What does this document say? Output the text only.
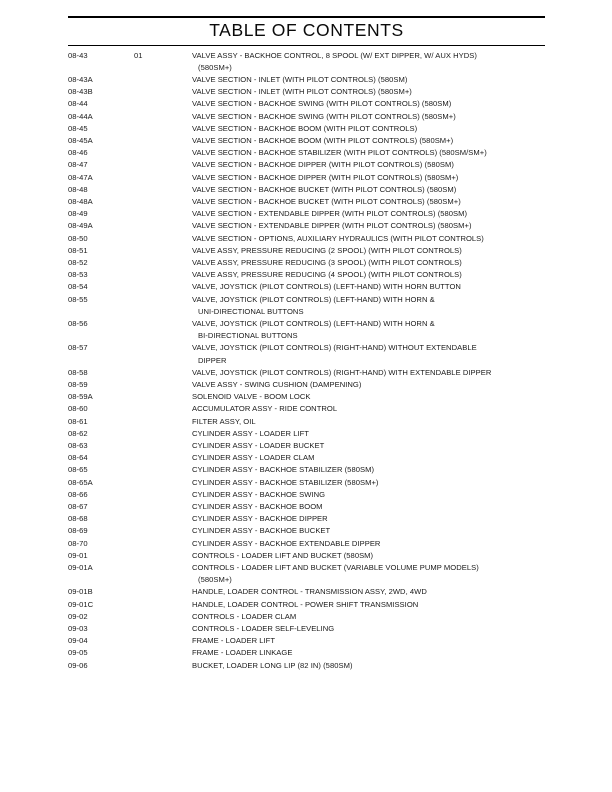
TABLE OF CONTENTS
08-43	01	VALVE ASSY - BACKHOE CONTROL, 8 SPOOL (W/ EXT DIPPER, W/ AUX HYDS)
(580SM+)

08-43A		VALVE SECTION - INLET (WITH PILOT CONTROLS) (580SM)
08-43B		VALVE SECTION - INLET (WITH PILOT CONTROLS) (580SM+)
08-44		VALVE SECTION - BACKHOE SWING (WITH PILOT CONTROLS) (580SM)
08-44A		VALVE SECTION - BACKHOE SWING (WITH PILOT CONTROLS) (580SM+)
08-45		VALVE SECTION - BACKHOE BOOM (WITH PILOT CONTROLS)
08-45A		VALVE SECTION - BACKHOE BOOM (WITH PILOT CONTROLS) (580SM+)
08-46		VALVE SECTION - BACKHOE STABILIZER (WITH PILOT CONTROLS) (580SM/SM+)
08-47		VALVE SECTION - BACKHOE DIPPER (WITH PILOT CONTROLS) (580SM)
08-47A		VALVE SECTION - BACKHOE DIPPER (WITH PILOT CONTROLS) (580SM+)
08-48		VALVE SECTION - BACKHOE BUCKET (WITH PILOT CONTROLS) (580SM)
08-48A		VALVE SECTION - BACKHOE BUCKET (WITH PILOT CONTROLS) (580SM+)
08-49		VALVE SECTION - EXTENDABLE DIPPER (WITH PILOT CONTROLS) (580SM)
08-49A		VALVE SECTION - EXTENDABLE DIPPER (WITH PILOT CONTROLS) (580SM+)
08-50		VALVE SECTION - OPTIONS, AUXILIARY HYDRAULICS (WITH PILOT CONTROLS)
08-51		VALVE ASSY, PRESSURE REDUCING (2 SPOOL) (WITH PILOT CONTROLS)
08-52		VALVE ASSY, PRESSURE REDUCING (3 SPOOL) (WITH PILOT CONTROLS)
08-53		VALVE ASSY, PRESSURE REDUCING (4 SPOOL) (WITH PILOT CONTROLS)
08-54		VALVE, JOYSTICK (PILOT CONTROLS) (LEFT-HAND) WITH HORN BUTTON
08-55		VALVE, JOYSTICK (PILOT CONTROLS) (LEFT-HAND) WITH HORN &
UNI-DIRECTIONAL BUTTONS

08-56		VALVE, JOYSTICK (PILOT CONTROLS) (LEFT-HAND) WITH HORN &
BI-DIRECTIONAL BUTTONS

08-57		VALVE, JOYSTICK (PILOT CONTROLS) (RIGHT-HAND) WITHOUT EXTENDABLE
DIPPER

08-58		VALVE, JOYSTICK (PILOT CONTROLS) (RIGHT-HAND) WITH EXTENDABLE DIPPER
08-59		VALVE ASSY - SWING CUSHION (DAMPENING)
08-59A		SOLENOID VALVE - BOOM LOCK
08-60		ACCUMULATOR ASSY - RIDE CONTROL
08-61		FILTER ASSY, OIL
08-62		CYLINDER ASSY - LOADER LIFT
08-63		CYLINDER ASSY - LOADER BUCKET
08-64		CYLINDER ASSY - LOADER CLAM
08-65		CYLINDER ASSY - BACKHOE STABILIZER (580SM)
08-65A		CYLINDER ASSY - BACKHOE STABILIZER (580SM+)
08-66		CYLINDER ASSY - BACKHOE SWING
08-67		CYLINDER ASSY - BACKHOE BOOM
08-68		CYLINDER ASSY - BACKHOE DIPPER
08-69		CYLINDER ASSY - BACKHOE BUCKET
08-70		CYLINDER ASSY - BACKHOE EXTENDABLE DIPPER
09-01		CONTROLS - LOADER LIFT AND BUCKET (580SM)
09-01A		CONTROLS - LOADER LIFT AND BUCKET (VARIABLE VOLUME PUMP MODELS)
(580SM+)

09-01B		HANDLE, LOADER CONTROL - TRANSMISSION ASSY, 2WD, 4WD
09-01C		HANDLE, LOADER CONTROL - POWER SHIFT TRANSMISSION
09-02		CONTROLS - LOADER CLAM
09-03		CONTROLS - LOADER SELF-LEVELING
09-04		FRAME - LOADER LIFT
09-05		FRAME - LOADER LINKAGE
09-06		BUCKET, LOADER LONG LIP (82 IN) (580SM)
